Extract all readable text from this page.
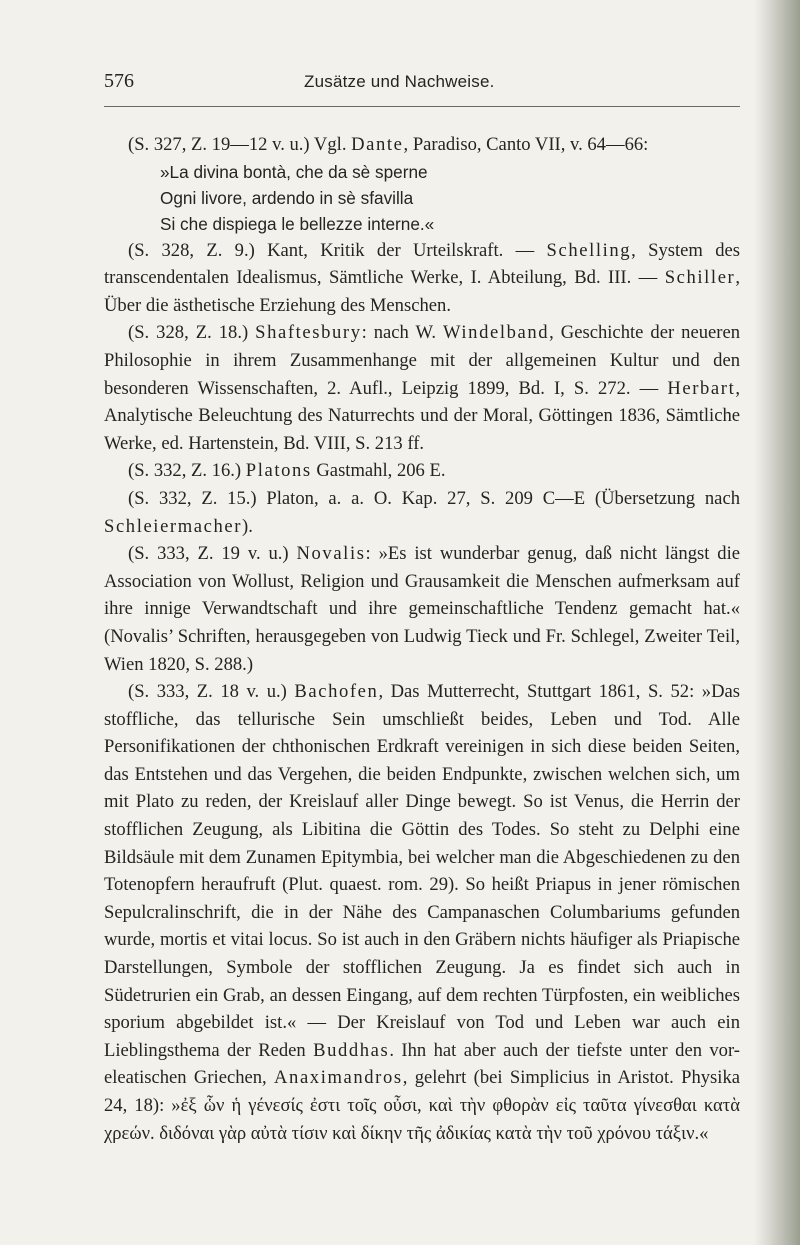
576	Zusätze und Nachweise.

(S. 327, Z. 19—12 v. u.) Vgl. Dante, Paradiso, Canto VII, v. 64—66:

»La divina bontà, che da sè sperne
Ogni livore, ardendo in sè sfavilla
Si che dispiega le bellezze interne.«

(S. 328, Z. 9.) Kant, Kritik der Urteilskraft. — Schelling, System des transcendentalen Idealismus, Sämtliche Werke, I. Abteilung, Bd. III. — Schiller, Über die ästhetische Erziehung des Menschen.

(S. 328, Z. 18.) Shaftesbury: nach W. Windelband, Geschichte der neueren Philosophie in ihrem Zusammenhange mit der allgemeinen Kultur und den besonderen Wissenschaften, 2. Aufl., Leipzig 1899, Bd. I, S. 272. — Herbart, Analytische Beleuchtung des Naturrechts und der Moral, Göttingen 1836, Sämtliche Werke, ed. Hartenstein, Bd. VIII, S. 213 ff.

(S. 332, Z. 16.) Platons Gastmahl, 206 E.

(S. 332, Z. 15.) Platon, a. a. O. Kap. 27, S. 209 C—E (Übersetzung nach Schleiermacher).

(S. 333, Z. 19 v. u.) Novalis: »Es ist wunderbar genug, daß nicht längst die Association von Wollust, Religion und Grausamkeit die Menschen aufmerksam auf ihre innige Verwandtschaft und ihre gemeinschaftliche Tendenz gemacht hat.« (Novalis’ Schriften, herausgegeben von Ludwig Tieck und Fr. Schlegel, Zweiter Teil, Wien 1820, S. 288.)

(S. 333, Z. 18 v. u.) Bachofen, Das Mutterrecht, Stuttgart 1861, S. 52: »Das stoffliche, das tellurische Sein umschließt beides, Leben und Tod. Alle Personifikationen der chthonischen Erdkraft vereinigen in sich diese beiden Seiten, das Entstehen und das Vergehen, die beiden Endpunkte, zwischen welchen sich, um mit Plato zu reden, der Kreislauf aller Dinge bewegt. So ist Venus, die Herrin der stofflichen Zeugung, als Libitina die Göttin des Todes. So steht zu Delphi eine Bildsäule mit dem Zunamen Epitymbia, bei welcher man die Abgeschiedenen zu den Totenopfern heraufruft (Plut. quaest. rom. 29). So heißt Priapus in jener römischen Sepulcralinschrift, die in der Nähe des Campanaschen Columbariums gefunden wurde, mortis et vitai locus. So ist auch in den Gräbern nichts häufiger als Priapische Darstellungen, Symbole der stofflichen Zeugung. Ja es findet sich auch in Südetrurien ein Grab, an dessen Eingang, auf dem rechten Türpfosten, ein weibliches sporium abgebildet ist.« — Der Kreislauf von Tod und Leben war auch ein Lieblingsthema der Reden Buddhas. Ihn hat aber auch der tiefste unter den vor-eleatischen Griechen, Anaximandros, gelehrt (bei Simplicius in Aristot. Physika 24, 18): »ἐξ ὧν ἡ γένεσίς ἐστι τοῖς οὖσι, καὶ τὴν φθορὰν εἰς ταῦτα γίνεσθαι κατὰ χρεών. διδόναι γὰρ αὐτὰ τίσιν καὶ δίκην τῆς ἀδικίας κατὰ τὴν τοῦ χρόνου τάξιν.«
